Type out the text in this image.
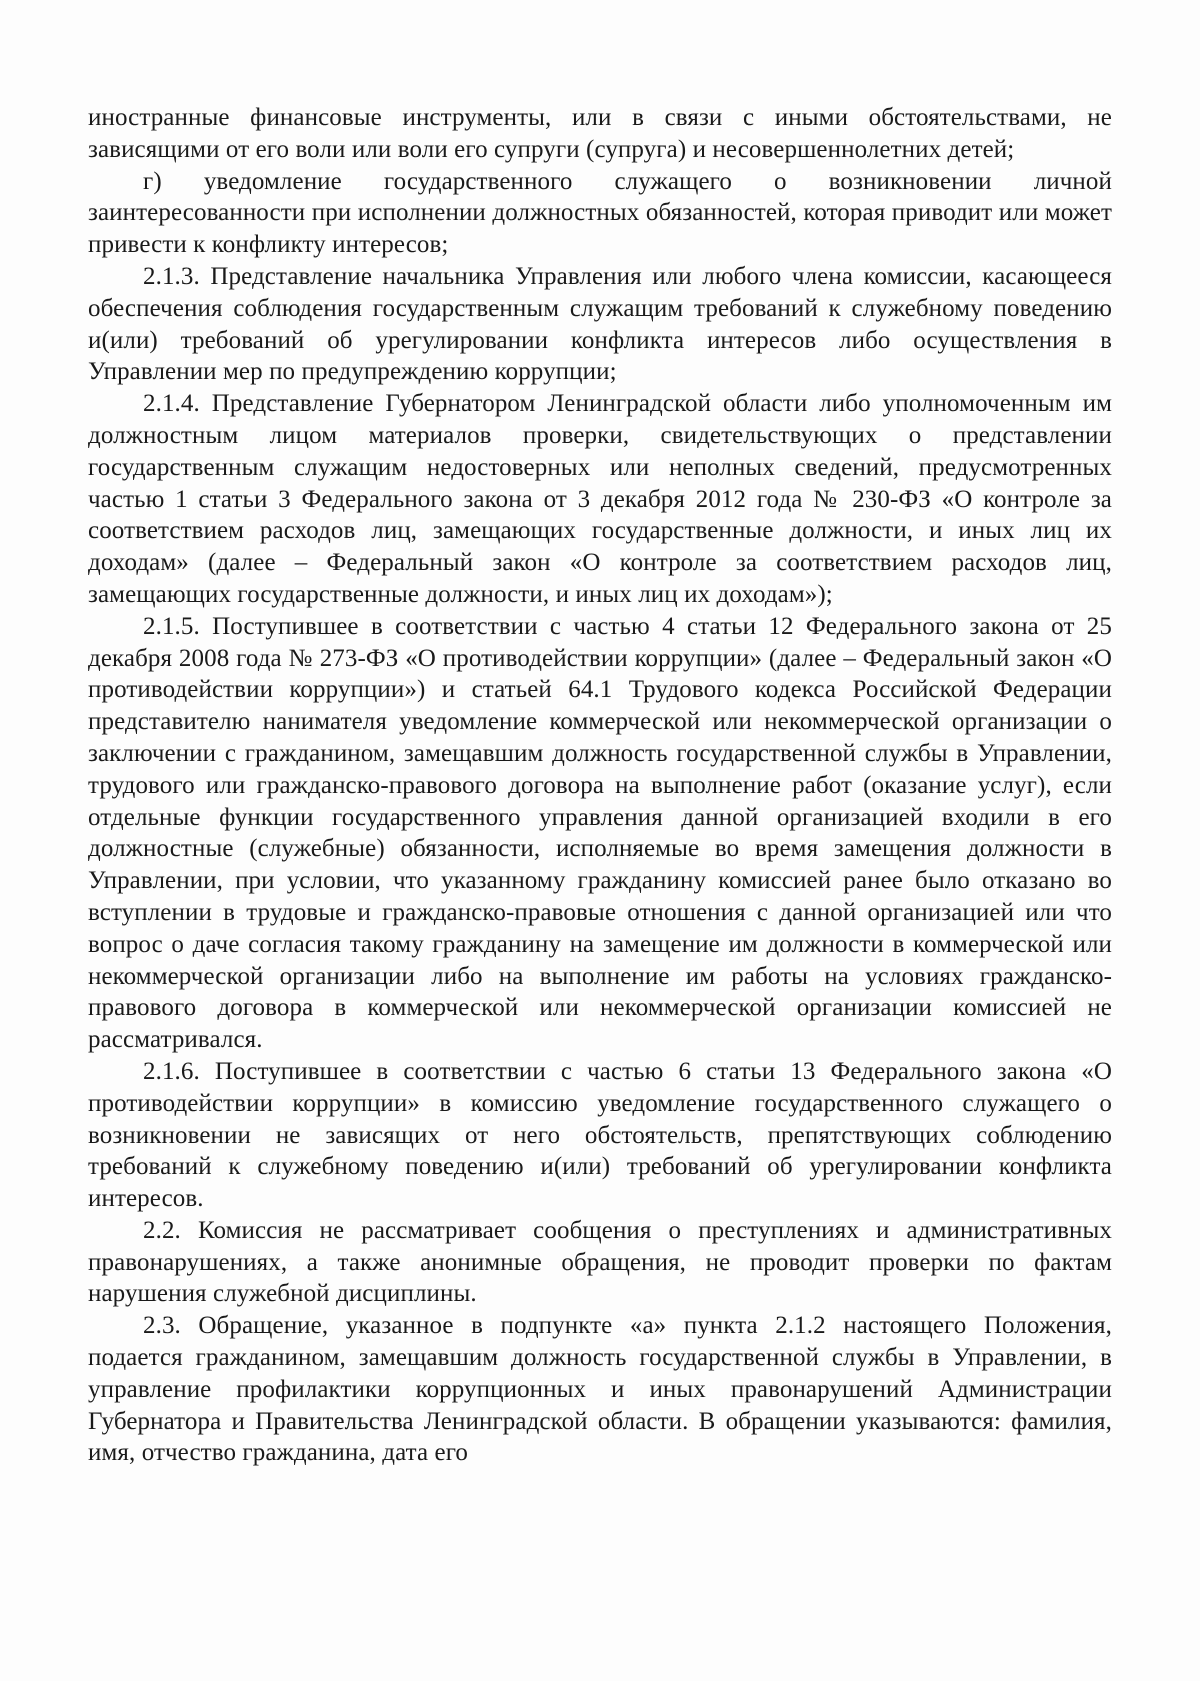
иностранные финансовые инструменты, или в связи с иными обстоятельствами, не зависящими от его воли или воли его супруги (супруга) и несовершеннолетних детей;

г) уведомление государственного служащего о возникновении личной заинтересованности при исполнении должностных обязанностей, которая приводит или может привести к конфликту интересов;

2.1.3. Представление начальника Управления или любого члена комиссии, касающееся обеспечения соблюдения государственным служащим требований к служебному поведению и(или) требований об урегулировании конфликта интересов либо осуществления в Управлении мер по предупреждению коррупции;

2.1.4. Представление Губернатором Ленинградской области либо уполномоченным им должностным лицом материалов проверки, свидетельствующих о представлении государственным служащим недостоверных или неполных сведений, предусмотренных частью 1 статьи 3 Федерального закона от 3 декабря 2012 года № 230-ФЗ «О контроле за соответствием расходов лиц, замещающих государственные должности, и иных лиц их доходам» (далее – Федеральный закон «О контроле за соответствием расходов лиц, замещающих государственные должности, и иных лиц их доходам»);

2.1.5. Поступившее в соответствии с частью 4 статьи 12 Федерального закона от 25 декабря 2008 года № 273-ФЗ «О противодействии коррупции» (далее – Федеральный закон «О противодействии коррупции») и статьей 64.1 Трудового кодекса Российской Федерации представителю нанимателя уведомление коммерческой или некоммерческой организации о заключении с гражданином, замещавшим должность государственной службы в Управлении, трудового или гражданско-правового договора на выполнение работ (оказание услуг), если отдельные функции государственного управления данной организацией входили в его должностные (служебные) обязанности, исполняемые во время замещения должности в Управлении, при условии, что указанному гражданину комиссией ранее было отказано во вступлении в трудовые и гражданско-правовые отношения с данной организацией или что вопрос о даче согласия такому гражданину на замещение им должности в коммерческой или некоммерческой организации либо на выполнение им работы на условиях гражданско-правового договора в коммерческой или некоммерческой организации комиссией не рассматривался.

2.1.6. Поступившее в соответствии с частью 6 статьи 13 Федерального закона «О противодействии коррупции» в комиссию уведомление государственного служащего о возникновении не зависящих от него обстоятельств, препятствующих соблюдению требований к служебному поведению и(или) требований об урегулировании конфликта интересов.

2.2. Комиссия не рассматривает сообщения о преступлениях и административных правонарушениях, а также анонимные обращения, не проводит проверки по фактам нарушения служебной дисциплины.

2.3. Обращение, указанное в подпункте «а» пункта 2.1.2 настоящего Положения, подается гражданином, замещавшим должность государственной службы в Управлении, в управление профилактики коррупционных и иных правонарушений Администрации Губернатора и Правительства Ленинградской области. В обращении указываются: фамилия, имя, отчество гражданина, дата его
